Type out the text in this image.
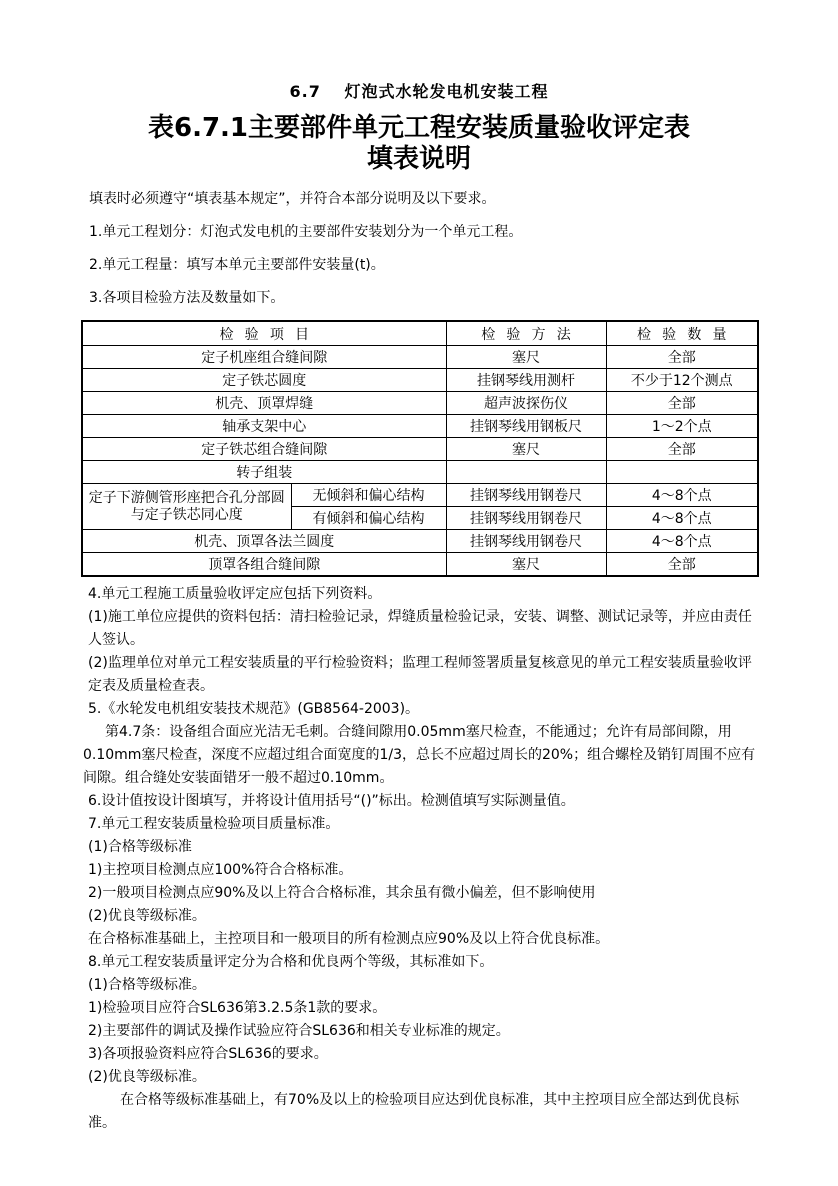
6.7　 灯泡式水轮发电机安装工程
表6.7.1主要部件单元工程安装质量验收评定表
填表说明

填表时必须遵守“填表基本规定”，并符合本部分说明及以下要求。

1.单元工程划分：灯泡式发电机的主要部件安装划分为一个单元工程。

2.单元工程量：填写本单元主要部件安装量(t)。

3.各项目检验方法及数量如下。

检验项目		检验方法	检验数量
定子机座组合缝间隙		塞尺	全部
定子铁芯圆度		挂钢琴线用测杆	不少于12个测点
机壳、顶罩焊缝		超声波探伤仪	全部
轴承支架中心		挂钢琴线用钢板尺	1～2个点
定子铁芯组合缝间隙		塞尺	全部
转子组装			
定子下游侧管形座把合孔分部圆与定子铁芯同心度	无倾斜和偏心结构	挂钢琴线用钢卷尺	4～8个点
	有倾斜和偏心结构	挂钢琴线用钢卷尺	4～8个点
机壳、顶罩各法兰圆度		挂钢琴线用钢卷尺	4～8个点
顶罩各组合缝间隙		塞尺	全部

4.单元工程施工质量验收评定应包括下列资料。

(1)施工单位应提供的资料包括：清扫检验记录，焊缝质量检验记录，安装、调整、测试记录等，并应由责任人签认。

(2)监理单位对单元工程安装质量的平行检验资料；监理工程师签署质量复核意见的单元工程安装质量验收评定表及质量检查表。

5.《水轮发电机组安装技术规范》(GB8564-2003)。

第4.7条：设备组合面应光洁无毛刺。合缝间隙用0.05mm塞尺检查，不能通过；允许有局部间隙，用0.10mm塞尺检查，深度不应超过组合面宽度的1/3，总长不应超过周长的20%；组合螺栓及销钉周围不应有间隙。组合缝处安装面错牙一般不超过0.10mm。

6.设计值按设计图填写，并将设计值用括号“()”标出。检测值填写实际测量值。

7.单元工程安装质量检验项目质量标准。

(1)合格等级标准

1)主控项目检测点应100%符合合格标准。

2)一般项目检测点应90%及以上符合合格标准，其余虽有微小偏差，但不影响使用

(2)优良等级标准。

在合格标准基础上，主控项目和一般项目的所有检测点应90%及以上符合优良标准。

8.单元工程安装质量评定分为合格和优良两个等级，其标准如下。

(1)合格等级标准。

1)检验项目应符合SL636第3.2.5条1款的要求。

2)主要部件的调试及操作试验应符合SL636和相关专业标准的规定。

3)各项报验资料应符合SL636的要求。

(2)优良等级标准。

在合格等级标准基础上，有70%及以上的检验项目应达到优良标准，其中主控项目应全部达到优良标准。
